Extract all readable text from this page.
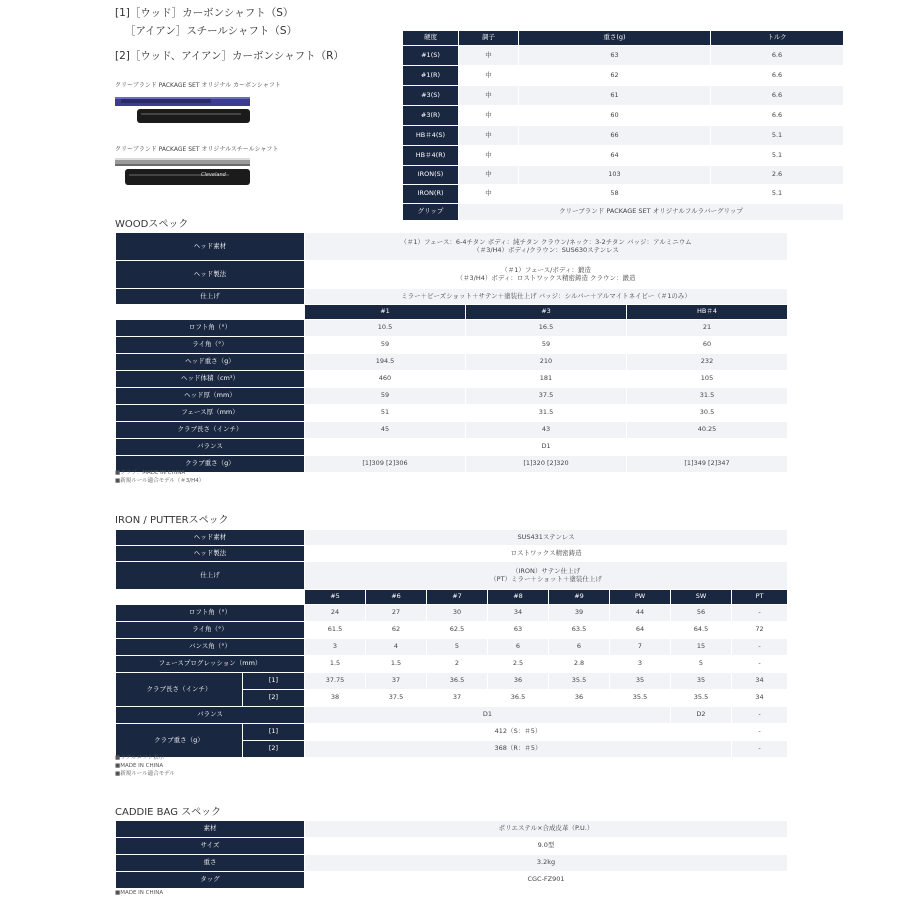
[1]［ウッド］カーボンシャフト（S）
［アイアン］スチールシャフト（S）
[2]［ウッド、アイアン］カーボンシャフト（R）
クリーブランド PACKAGE SET オリジナル カーボンシャフト
クリーブランド PACKAGE SET オリジナルスチールシャフト
Cleveland
硬度	調子	重さ(g)	トルク
#1(S)	中	63	6.6
#1(R)	中	62	6.6
#3(S)	中	61	6.6
#3(R)	中	60	6.6
HB＃4(S)	中	66	5.1
HB＃4(R)	中	64	5.1
IRON(S)	中	103	2.6
IRON(R)	中	58	5.1
グリップ	クリーブランド PACKAGE SET オリジナルフルラバーグリップ		
WOODスペック
ヘッド素材	（＃1）フェース：6-4チタン ボディ：純チタン クラウン/ネック：3-2チタン バッジ：アルミニウム
（＃3/H4）ボディ/クラウン：SUS630ステンレス		

ヘッド製法	（＃1）フェース/ボディ：鍛造
（＃3/H4）ボディ：ロストワックス精密鋳造 クラウン：鍛造		

仕上げ	ミラー＋ビーズショット＋サテン＋塗装仕上げ バッジ：シルバー＋アルマイトネイビー（＃1のみ）		
	#1	#3	HB＃4
ロフト角（°）	10.5	16.5	21
ライ角（°）	59	59	60
ヘッド重さ（g）	194.5	210	232
ヘッド体積（cm³）	460	181	105
ヘッド厚（mm）	59	37.5	31.5
フェース厚（mm）	51	31.5	30.5
クラブ長さ（インチ）	45	43	40.25
バランス	D1		
クラブ重さ（g）	[1]309 [2]306	[1]320 [2]320	[1]349 [2]347
■クラブ：MADE IN CHINA
■新規ルール適合モデル（＃3/H4）
IRON / PUTTERスペック
ヘッド素材		SUS431ステンレス							
ヘッド製法		ロストワックス精密鋳造							
仕上げ		（IRON）サテン仕上げ
（PT）ミラー＋ショット＋塗装仕上げ							

		#5	#6	#7	#8	#9	PW	SW	PT
ロフト角（°）		24	27	30	34	39	44	56	-
ライ角（°）		61.5	62	62.5	63	63.5	64	64.5	72
バンス角（°）		3	4	5	6	6	7	15	-
フェースプログレッション（mm）		1.5	1.5	2	2.5	2.8	3	5	-
クラブ長さ（インチ）	[1]	37.75	37	36.5	36	35.5	35	35	34
	[2]	38	37.5	37	36.5	36	35.5	35.5	34
バランス		D1						D2	-
クラブ重さ（g）	[1]	412（S：＃5）							-
	[2]	368（R：＃5）							-
■リアルロフト表示
■MADE IN CHINA
■新規ルール適合モデル
CADDIE BAG スペック
素材	ポリエステル×合成皮革（P.U.）
サイズ	9.0型
重さ	3.2kg
タッグ	CGC-FZ901
■MADE IN CHINA
